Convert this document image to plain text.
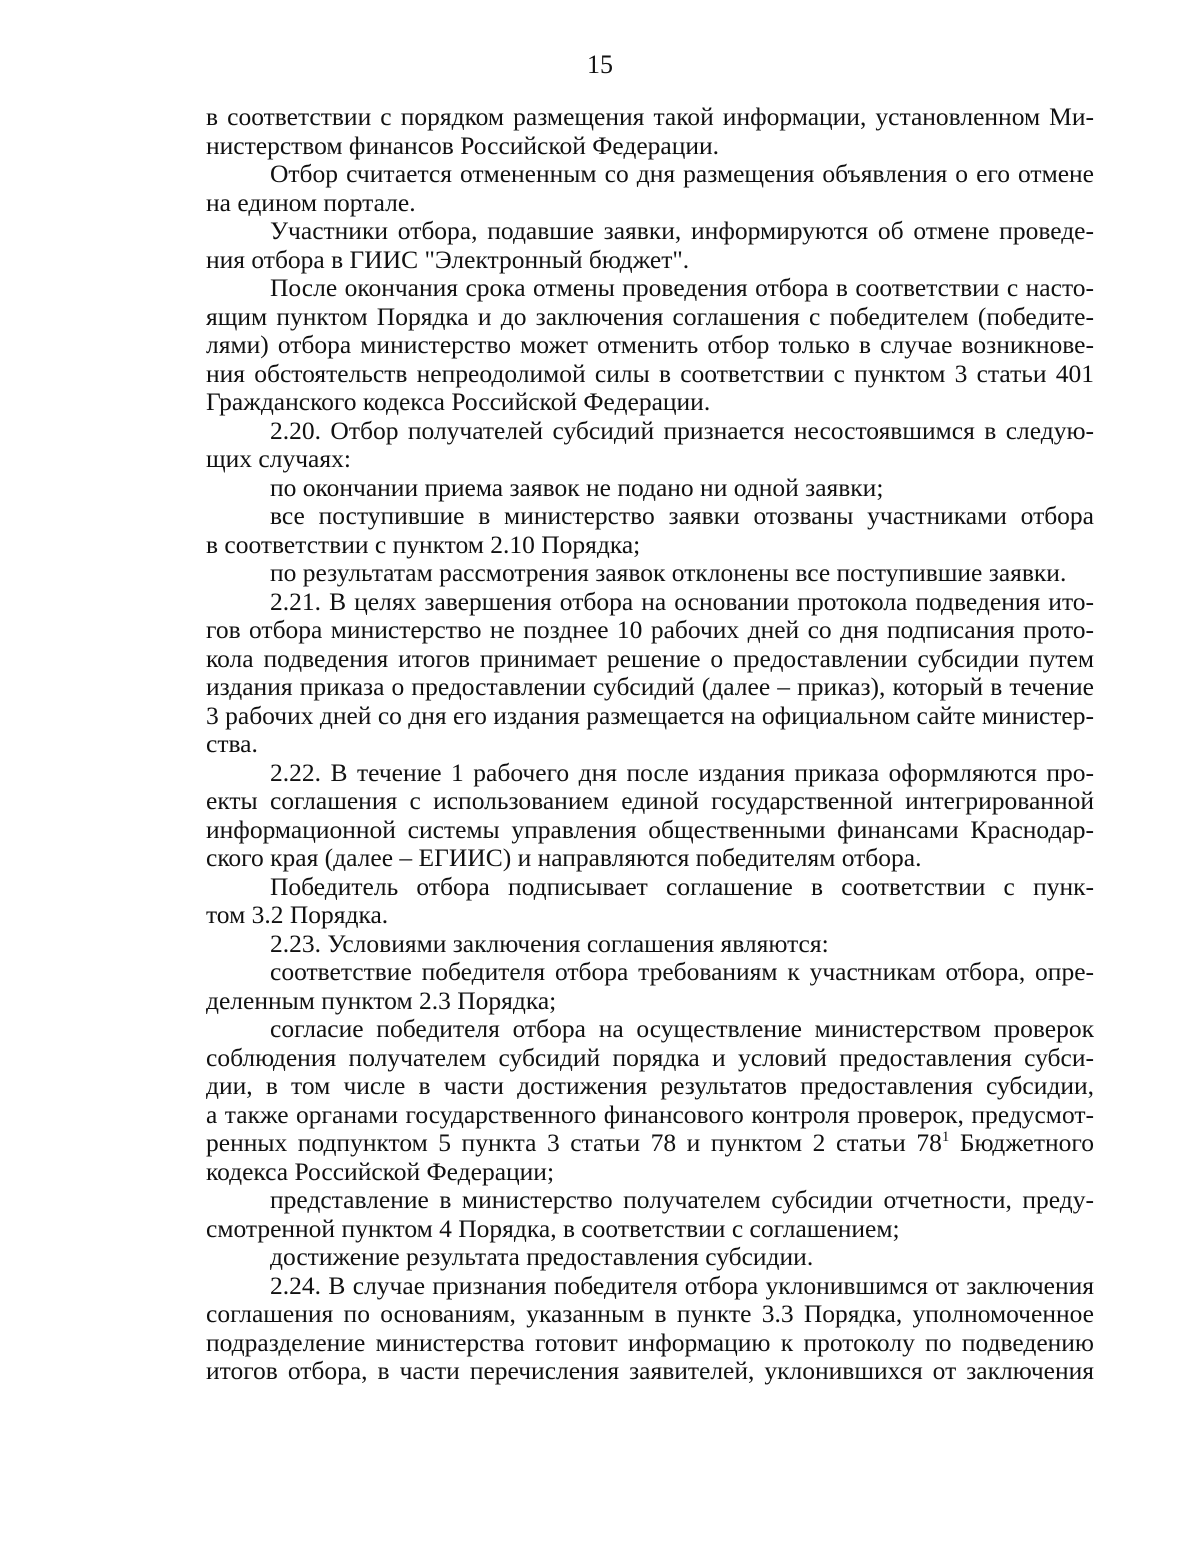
15
в соответствии с порядком размещения такой информации, установленном Ми-
нистерством финансов Российской Федерации.
Отбор считается отмененным со дня размещения объявления о его отмене
на едином портале.
Участники отбора, подавшие заявки, информируются об отмене проведе-
ния отбора в ГИИС "Электронный бюджет".
После окончания срока отмены проведения отбора в соответствии с насто-
ящим пунктом Порядка и до заключения соглашения с победителем (победите-
лями) отбора министерство может отменить отбор только в случае возникнове-
ния обстоятельств непреодолимой силы в соответствии с пунктом 3 статьи 401
Гражданского кодекса Российской Федерации.
2.20. Отбор получателей субсидий признается несостоявшимся в следую-
щих случаях:
по окончании приема заявок не подано ни одной заявки;
все поступившие в министерство заявки отозваны участниками отбора
в соответствии с пунктом 2.10 Порядка;
по результатам рассмотрения заявок отклонены все поступившие заявки.
2.21. В целях завершения отбора на основании протокола подведения ито-
гов отбора министерство не позднее 10 рабочих дней со дня подписания прото-
кола подведения итогов принимает решение о предоставлении субсидии путем
издания приказа о предоставлении субсидий (далее – приказ), который в течение
3 рабочих дней со дня его издания размещается на официальном сайте министер-
ства.
2.22. В течение 1 рабочего дня после издания приказа оформляются про-
екты соглашения с использованием единой государственной интегрированной
информационной системы управления общественными финансами Краснодар-
ского края (далее – ЕГИИС) и направляются победителям отбора.
Победитель отбора подписывает соглашение в соответствии с пунк-
том 3.2 Порядка.
2.23. Условиями заключения соглашения являются:
соответствие победителя отбора требованиям к участникам отбора, опре-
деленным пунктом 2.3 Порядка;
согласие победителя отбора на осуществление министерством проверок
соблюдения получателем субсидий порядка и условий предоставления субси-
дии, в том числе в части достижения результатов предоставления субсидии,
а также органами государственного финансового контроля проверок, предусмот-
ренных подпунктом 5 пункта 3 статьи 78 и пунктом 2 статьи $78^1$ Бюджетного
кодекса Российской Федерации;
представление в министерство получателем субсидии отчетности, преду-
смотренной пунктом 4 Порядка, в соответствии с соглашением;
достижение результата предоставления субсидии.
2.24. В случае признания победителя отбора уклонившимся от заключения
соглашения по основаниям, указанным в пункте 3.3 Порядка, уполномоченное
подразделение министерства готовит информацию к протоколу по подведению
итогов отбора, в части перечисления заявителей, уклонившихся от заключения
